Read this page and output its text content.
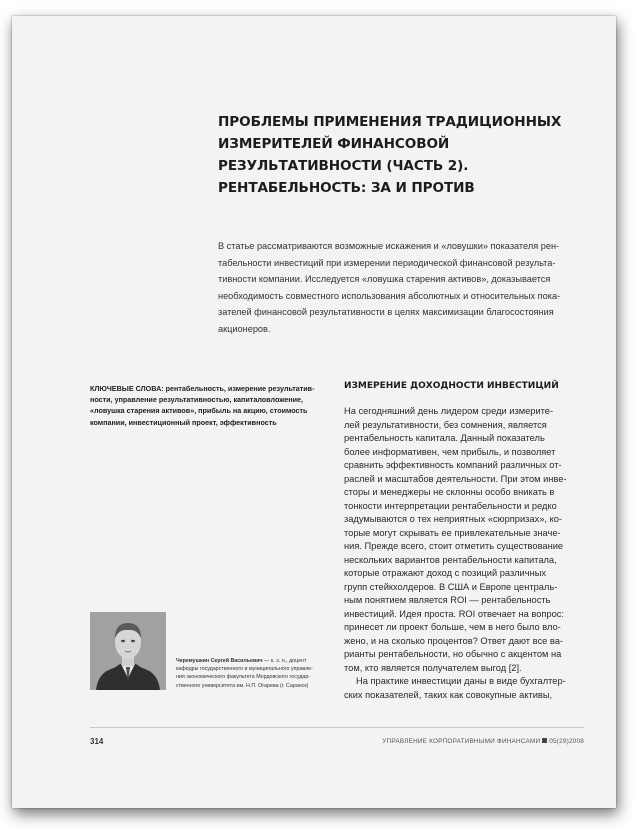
ПРОБЛЕМЫ ПРИМЕНЕНИЯ ТРАДИЦИОННЫХ
ИЗМЕРИТЕЛЕЙ ФИНАНСОВОЙ
РЕЗУЛЬТАТИВНОСТИ (ЧАСТЬ 2).
РЕНТАБЕЛЬНОСТЬ: ЗА И ПРОТИВ
В статье рассматриваются возможные искажения и «ловушки» показателя рен-
табельности инвестиций при измерении периодической финансовой результа-
тивности компании. Исследуется «ловушка старения активов», доказывается
необходимость совместного использования абсолютных и относительных пока-
зателей финансовой результативности в целях максимизации благосостояния
акционеров.
КЛЮЧЕВЫЕ СЛОВА: рентабельность, измерение результатив-
ности, управление результативностью, капиталовложение,
«ловушка старения активов», прибыль на акцию, стоимость
компании, инвестиционный проект, эффективность
Черемушкин Сергей Васильевич — к. э. н., доцент
кафедры государственного и муниципального управле-
ния экономического факультета Мордовского государ-
ственного университета им. Н.П. Огарева (г. Саранск)
ИЗМЕРЕНИЕ ДОХОДНОСТИ ИНВЕСТИЦИЙ
На сегодняшний день лидером среди измерите-
лей результативности, без сомнения, является
рентабельность капитала. Данный показатель
более информативен, чем прибыль, и позволяет
сравнить эффективность компаний различных от-
раслей и масштабов деятельности. При этом инве-
сторы и менеджеры не склонны особо вникать в
тонкости интерпретации рентабельности и редко
задумываются о тех неприятных «сюрпризах», ко-
торые могут скрывать ее привлекательные значе-
ния. Прежде всего, стоит отметить существование
нескольких вариантов рентабельности капитала,
которые отражают доход с позиций различных
групп стейкхолдеров. В США и Европе централь-
ным понятием является ROI — рентабельность
инвестиций. Идея проста. ROI отвечает на вопрос:
принесет ли проект больше, чем в него было вло-
жено, и на сколько процентов? Ответ дают все ва-
рианты рентабельности, но обычно с акцентом на
том, кто является получателем выгод [2].
На практике инвестиции даны в виде бухгалтер-
ских показателей, таких как совокупные активы,
314	УПРАВЛЕНИЕ КОРПОРАТИВНЫМИ ФИНАНСАМИ 05(29)2008
